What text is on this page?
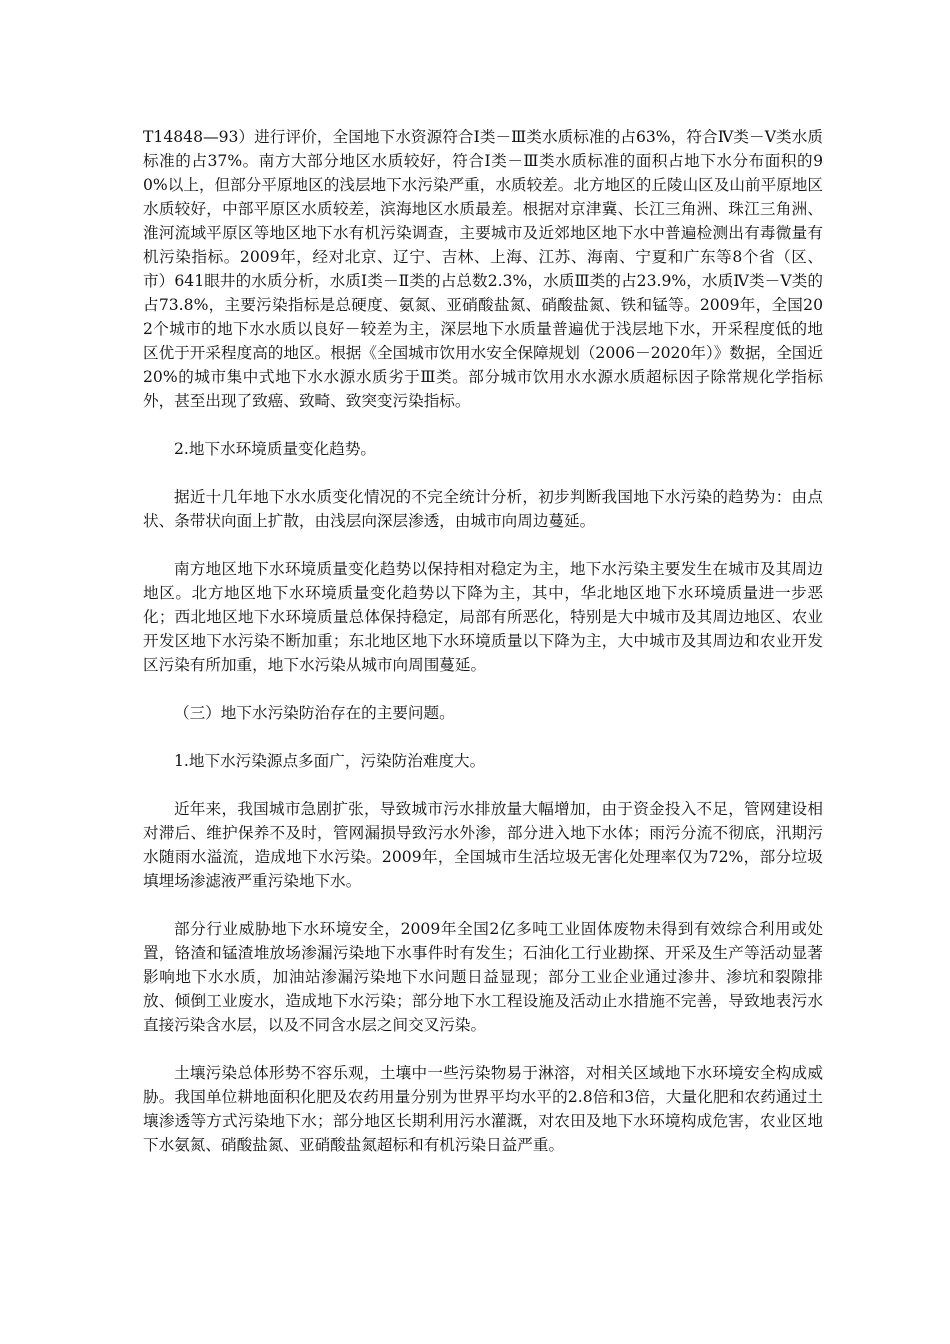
T14848—93）进行评价，全国地下水资源符合Ⅰ类－Ⅲ类水质标准的占63%，符合Ⅳ类－Ⅴ类水质标准的占37%。南方大部分地区水质较好，符合Ⅰ类－Ⅲ类水质标准的面积占地下水分布面积的90%以上，但部分平原地区的浅层地下水污染严重，水质较差。北方地区的丘陵山区及山前平原地区水质较好，中部平原区水质较差，滨海地区水质最差。根据对京津冀、长江三角洲、珠江三角洲、淮河流域平原区等地区地下水有机污染调查，主要城市及近郊地区地下水中普遍检测出有毒微量有机污染指标。2009年，经对北京、辽宁、吉林、上海、江苏、海南、宁夏和广东等8个省（区、市）641眼井的水质分析，水质Ⅰ类－Ⅱ类的占总数2.3%，水质Ⅲ类的占23.9%，水质Ⅳ类－Ⅴ类的占73.8%，主要污染指标是总硬度、氨氮、亚硝酸盐氮、硝酸盐氮、铁和锰等。2009年，全国202个城市的地下水水质以良好－较差为主，深层地下水质量普遍优于浅层地下水，开采程度低的地区优于开采程度高的地区。根据《全国城市饮用水安全保障规划（2006－2020年）》数据，全国近20%的城市集中式地下水水源水质劣于Ⅲ类。部分城市饮用水水源水质超标因子除常规化学指标外，甚至出现了致癌、致畸、致突变污染指标。

2.地下水环境质量变化趋势。

据近十几年地下水水质变化情况的不完全统计分析，初步判断我国地下水污染的趋势为：由点状、条带状向面上扩散，由浅层向深层渗透，由城市向周边蔓延。

南方地区地下水环境质量变化趋势以保持相对稳定为主，地下水污染主要发生在城市及其周边地区。北方地区地下水环境质量变化趋势以下降为主，其中，华北地区地下水环境质量进一步恶化；西北地区地下水环境质量总体保持稳定，局部有所恶化，特别是大中城市及其周边地区、农业开发区地下水污染不断加重；东北地区地下水环境质量以下降为主，大中城市及其周边和农业开发区污染有所加重，地下水污染从城市向周围蔓延。

（三）地下水污染防治存在的主要问题。

1.地下水污染源点多面广，污染防治难度大。

近年来，我国城市急剧扩张，导致城市污水排放量大幅增加，由于资金投入不足，管网建设相对滞后、维护保养不及时，管网漏损导致污水外渗，部分进入地下水体；雨污分流不彻底，汛期污水随雨水溢流，造成地下水污染。2009年，全国城市生活垃圾无害化处理率仅为72%，部分垃圾填埋场渗滤液严重污染地下水。

部分行业威胁地下水环境安全，2009年全国2亿多吨工业固体废物未得到有效综合利用或处置，铬渣和锰渣堆放场渗漏污染地下水事件时有发生；石油化工行业勘探、开采及生产等活动显著影响地下水水质，加油站渗漏污染地下水问题日益显现；部分工业企业通过渗井、渗坑和裂隙排放、倾倒工业废水，造成地下水污染；部分地下水工程设施及活动止水措施不完善，导致地表污水直接污染含水层，以及不同含水层之间交叉污染。

土壤污染总体形势不容乐观，土壤中一些污染物易于淋溶，对相关区域地下水环境安全构成威胁。我国单位耕地面积化肥及农药用量分别为世界平均水平的2.8倍和3倍，大量化肥和农药通过土壤渗透等方式污染地下水；部分地区长期利用污水灌溉，对农田及地下水环境构成危害，农业区地下水氨氮、硝酸盐氮、亚硝酸盐氮超标和有机污染日益严重。
